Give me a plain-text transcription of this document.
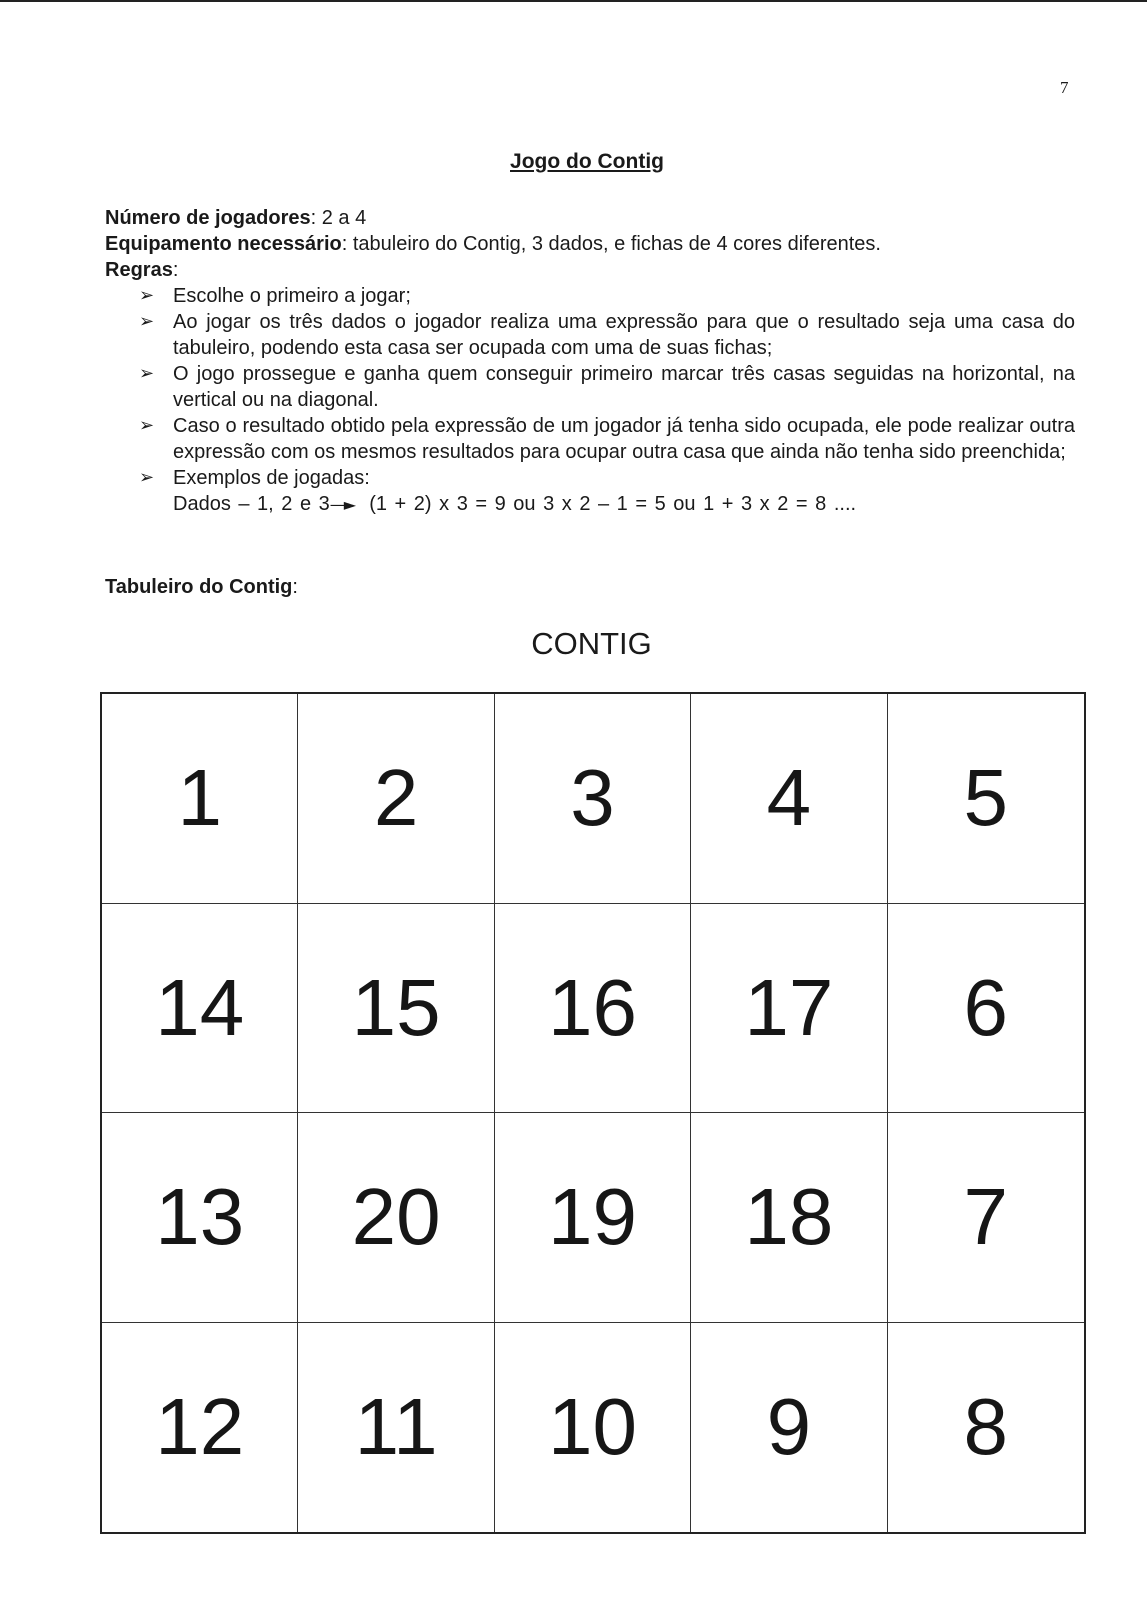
7
Jogo do Contig

Número de jogadores: 2 a 4

Equipamento necessário: tabuleiro do Contig, 3 dados, e fichas de 4 cores diferentes.

Regras:

➢ Escolhe o primeiro a jogar;
➢ Ao jogar os três dados o jogador realiza uma expressão para que o resultado seja uma casa do tabuleiro, podendo esta casa ser ocupada com uma de suas fichas;
➢ O jogo prossegue e ganha quem conseguir primeiro marcar três casas seguidas na horizontal, na vertical ou na diagonal.
➢ Caso o resultado obtido pela expressão de um jogador já tenha sido ocupada, ele pode realizar outra expressão com os mesmos resultados para ocupar outra casa que ainda não tenha sido preenchida;
➢ Exemplos de jogadas:

Dados – 1, 2 e 3—► (1 + 2) x 3 = 9 ou 3 x 2 – 1 = 5 ou 1 + 3 x 2 = 8 ....

Tabuleiro do Contig:
CONTIG
1	2	3	4	5
14	15	16	17	6
13	20	19	18	7
12	11	10	9	8
